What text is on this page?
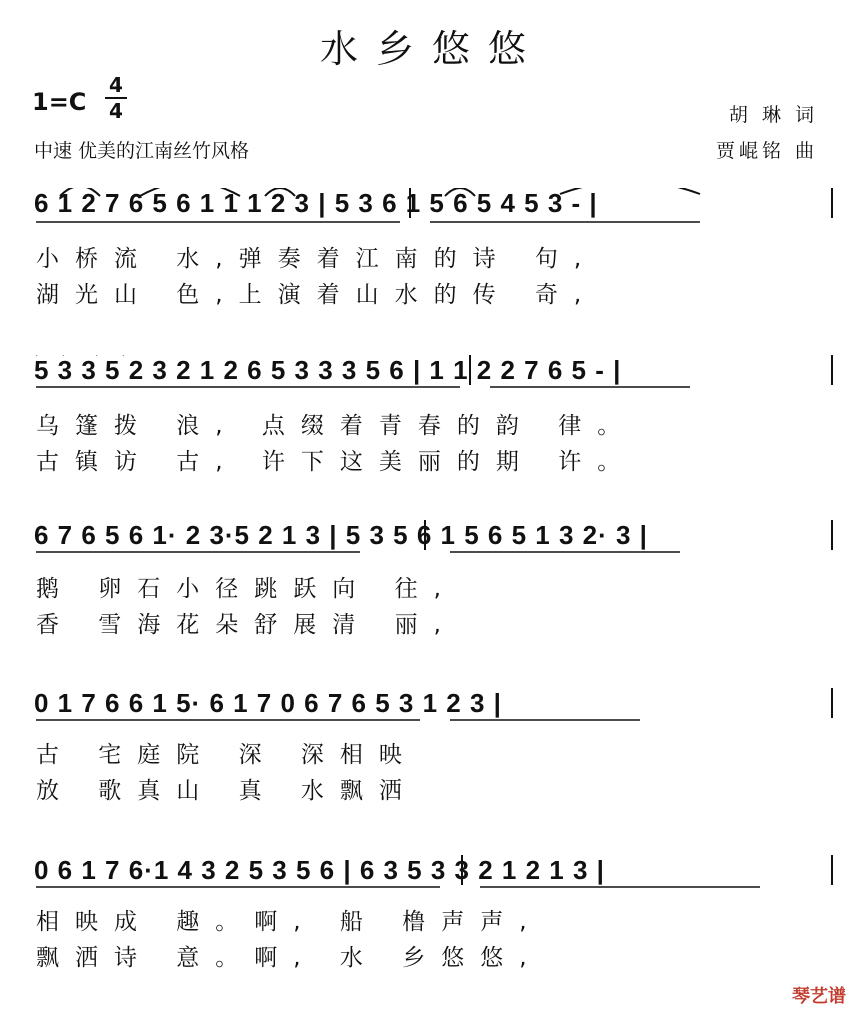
水乡悠悠
1=C
4
4	胡 琳 词
贾崐铭 曲
中速 优美的江南丝竹风格
6 1 2 7 6 5 6 1 1 1 2 3 | 5 3 6 1 5 6 5 4 5 3 - |
小桥流 水,弹奏着江南的诗 句,
湖光山 色,上演着山水的传 奇,
5 3 3 5 2 3 2 1 2 6 5 3 3 3 5 6 | 1 1 2 2 7 6 5 - |
乌篷拨 浪, 点缀着青春的韵 律。
古镇访 古, 许下这美丽的期 许。
6 7 6 5 6 1· 2 3·5 2 1 3 | 5 3 5 6 1 5 6 5 1 3 2· 3 |
鹅 卵石小径跳跃向 往,
香 雪海花朵舒展清 丽,
0 1 7 6 6 1 5· 6 1 7 0 6 7 6 5 3 1 2 3 |
古 宅庭院 深 深相映
放 歌真山 真 水飘洒
0 6 1 7 6·1 4 3 2 5 3 5 6 | 6 3 5 3 3 2 1 2 1 3 |
相映成 趣。啊, 船 橹声声,
飘洒诗 意。啊, 水 乡悠悠,
琴艺谱
